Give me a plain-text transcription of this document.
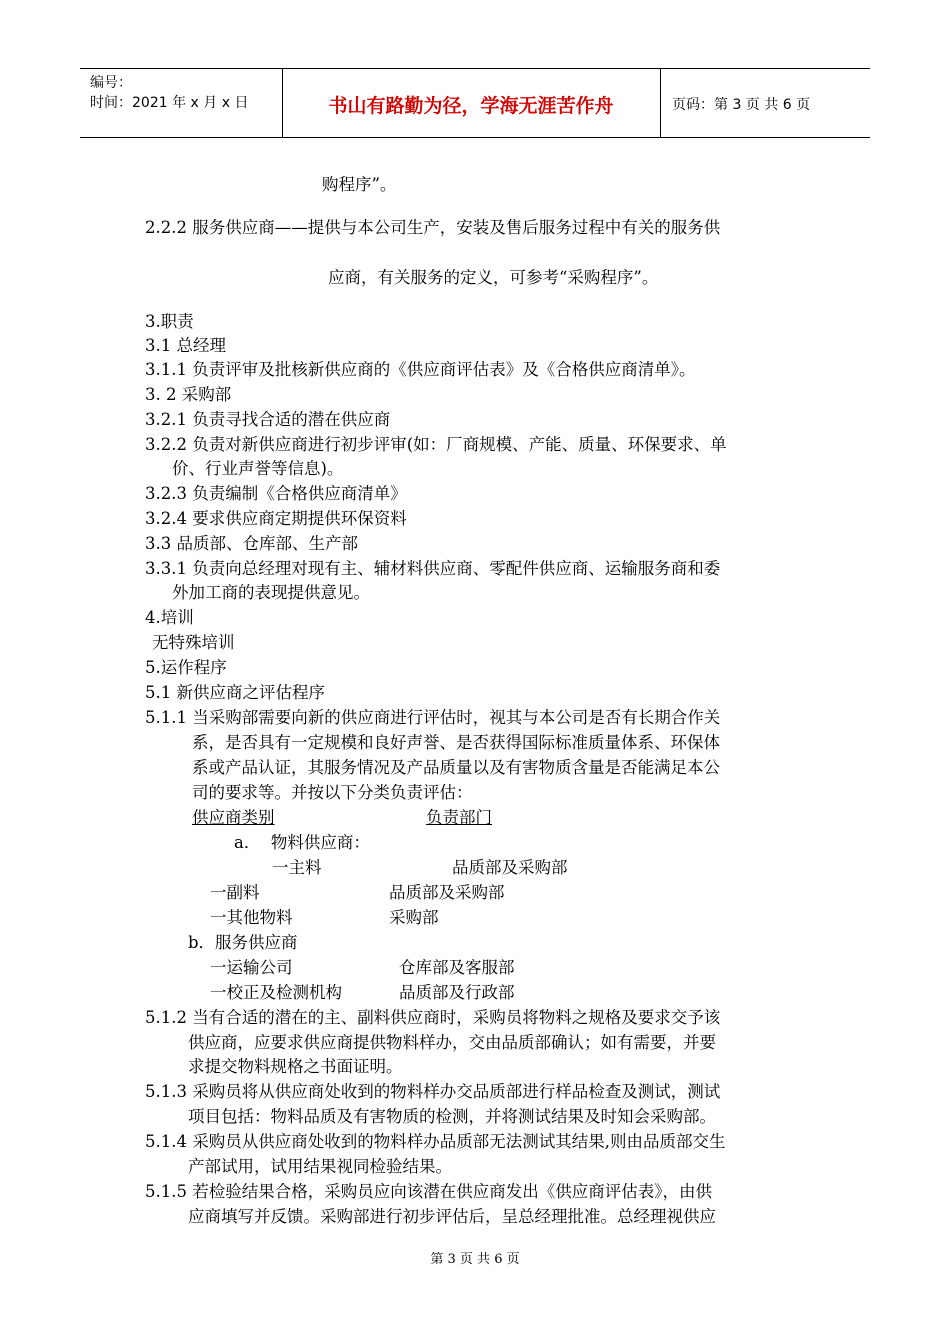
编号：
时间：2021 年 x 月 x 日	书山有路勤为径，学海无涯苦作舟	页码：第 3 页 共 6 页
购程序”。
2.2.2 服务供应商——提供与本公司生产，安装及售后服务过程中有关的服务供
应商，有关服务的定义，可参考“采购程序”。
3.职责
3.1 总经理
3.1.1 负责评审及批核新供应商的《供应商评估表》及《合格供应商清单》。
3. 2 采购部
3.2.1 负责寻找合适的潜在供应商
3.2.2 负责对新供应商进行初步评审(如：厂商规模、产能、质量、环保要求、单
价、行业声誉等信息)。
3.2.3 负责编制《合格供应商清单》
3.2.4 要求供应商定期提供环保资料
3.3 品质部、仓库部、生产部
3.3.1 负责向总经理对现有主、辅材料供应商、零配件供应商、运输服务商和委
外加工商的表现提供意见。
4.培训
无特殊培训
5.运作程序
5.1 新供应商之评估程序
5.1.1 当采购部需要向新的供应商进行评估时，视其与本公司是否有长期合作关
系，是否具有一定规模和良好声誉、是否获得国际标准质量体系、环保体
系或产品认证，其服务情况及产品质量以及有害物质含量是否能满足本公
司的要求等。并按以下分类负责评估：
供应商类别	负责部门
a．  物料供应商：
一主料	品质部及采购部
一副料	品质部及采购部
一其他物料	采购部
b．服务供应商
一运输公司	仓库部及客服部
一校正及检测机构	品质部及行政部
5.1.2 当有合适的潜在的主、副料供应商时，采购员将物料之规格及要求交予该
供应商，应要求供应商提供物料样办，交由品质部确认；如有需要，并要
求提交物料规格之书面证明。
5.1.3 采购员将从供应商处收到的物料样办交品质部进行样品检查及测试，测试
项目包括：物料品质及有害物质的检测，并将测试结果及时知会采购部。
5.1.4 采购员从供应商处收到的物料样办品质部无法测试其结果,则由品质部交生
产部试用，试用结果视同检验结果。
5.1.5 若检验结果合格，采购员应向该潜在供应商发出《供应商评估表》，由供
应商填写并反馈。采购部进行初步评估后，呈总经理批准。总经理视供应
第 3 页 共 6 页
